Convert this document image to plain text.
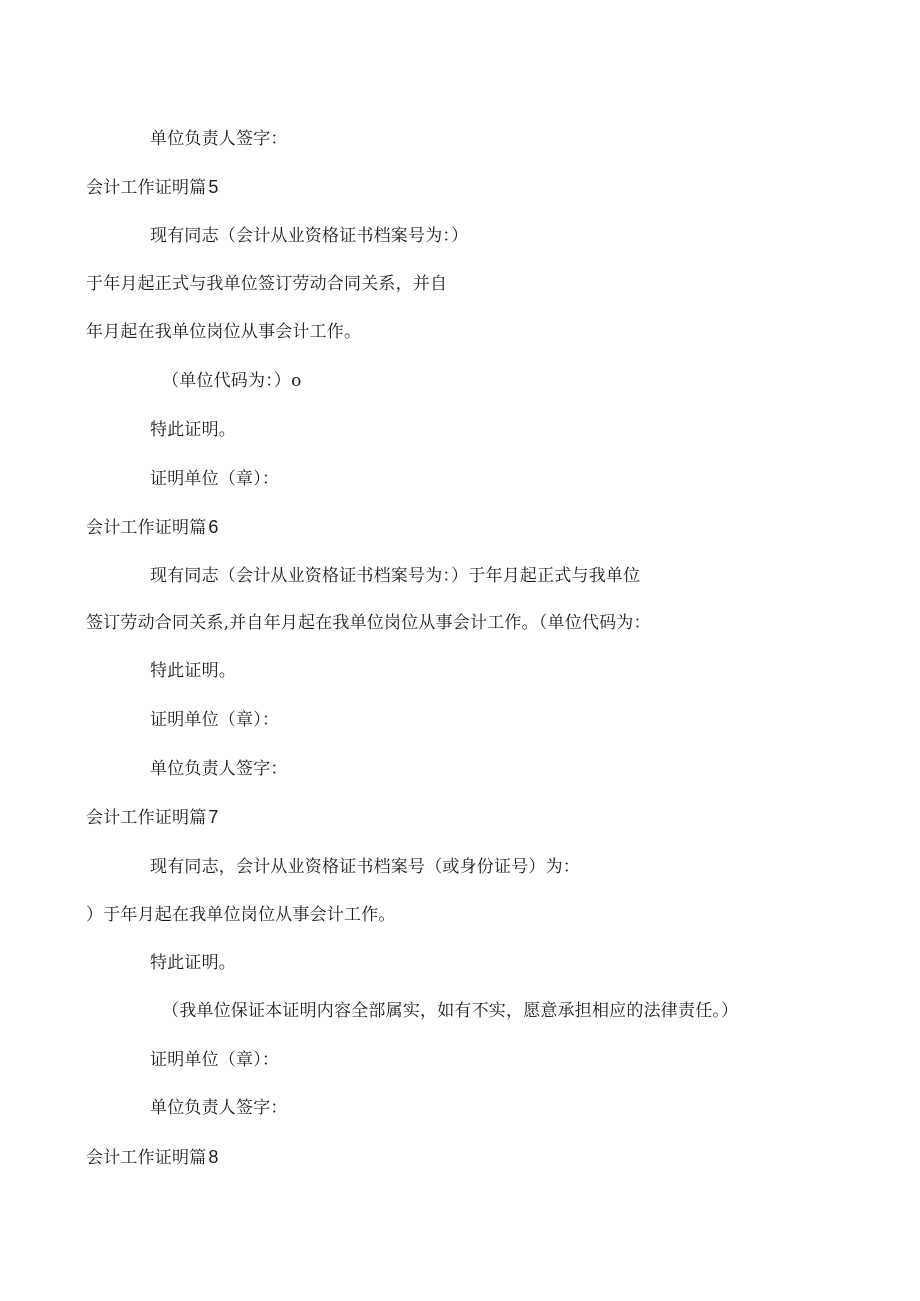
单位负责人签字：
会计工作证明篇 5
现有同志（会计从业资格证书档案号为：）
于年月起正式与我单位签订劳动合同关系，并自
年月起在我单位岗位从事会计工作。
（单位代码为：）o
特此证明。
证明单位（章）：
会计工作证明篇 6
现有同志（会计从业资格证书档案号为：）于年月起正式与我单位
签订劳动合同关系,并自年月起在我单位岗位从事会计工作。（单位代码为：
特此证明。
证明单位（章）：
单位负责人签字：
会计工作证明篇 7
现有同志，会计从业资格证书档案号（或身份证号）为：
）于年月起在我单位岗位从事会计工作。
特此证明。
（我单位保证本证明内容全部属实，如有不实，愿意承担相应的法律责任。）
证明单位（章）：
单位负责人签字：
会计工作证明篇 8
